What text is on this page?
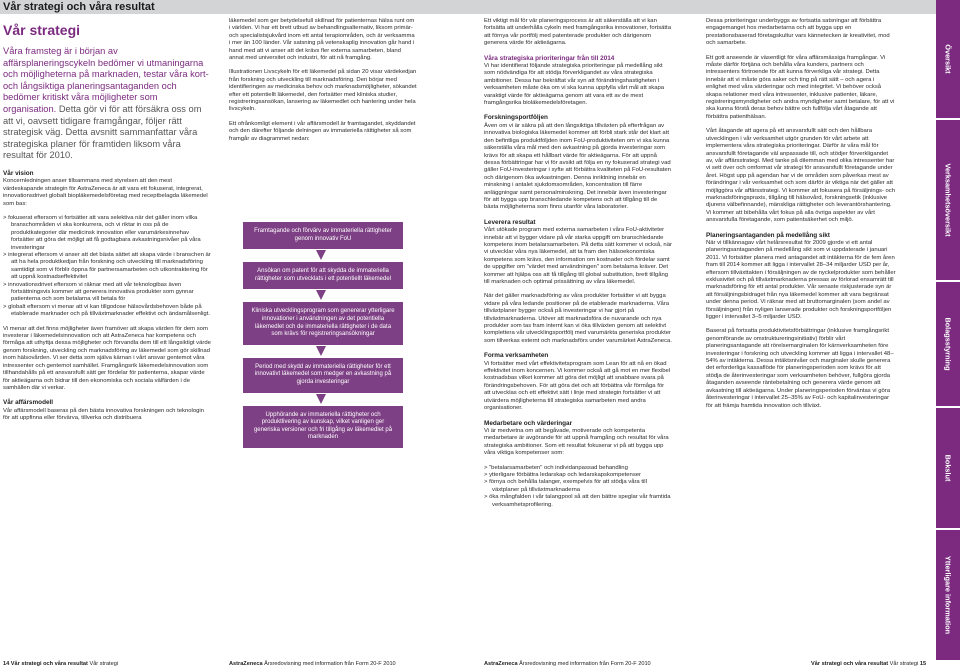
Vår strategi och våra resultat
Vår strategi
Våra framsteg är i början av affärsplaneringscykeln bedömer vi utmaningarna och möjligheterna på marknaden, testar våra kort- och långsiktiga planeringsantaganden och bedömer kritiskt våra möjligheter som organisation. Detta gör vi för att försäkra oss om att vi, oavsett tidigare framgångar, följer rätt strategisk väg. Detta avsnitt sammanfattar våra strategiska planer för framtiden liksom våra resultat för 2010.
Vår vision

Koncernledningen anser tillsammans med styrelsen att den mest värdeskapande strategin för AstraZeneca är att vara ett fokuserat, integrerat, innovationsdrivet globalt biopläkemedelsföretag med receptbelagda läkemedel som bas:

> fokuserat eftersom vi fortsätter att vara selektiva när det gäller inom vilka branschområden vi ska konkurrera, och vi riktar in oss på de produktkategorier där medicinsk innovation eller varumärkesinnehav fortsätter att göra det möjligt att få godtagbara avkastningsnivåer på våra investeringar
> integrerat eftersom vi anser att det bästa sättet att skapa värde i branschen är att ha hela produktkedjan från forskning och utveckling till marknadsföring samtidigt som vi förblir öppna för partnersamarbeten och utkontraktering för att uppnå kostnadseffektivitet
> innovationsdrivet eftersom vi räknar med att vår teknologibas även fortsättningsvis kommer att generera innovativa produkter som gynnar patienterna och som betalarna vill betala för
> globalt eftersom vi menar att vi kan tillgodose hälsovårdsbehoven både på etablerade marknader och på tillväxtmarknader effektivt och ändamålsenligt.

Vi menar att det finns möjligheter även framöver att skapa värden för dem som investerar i läkemedelsinnovation och att AstraZeneca har kompetens och förmåga att uthyttja dessa möjligheter och förvandla dem till ett långsiktigt värde genom forskning, utveckling och marknadsföring av läkemedel som gör skillnad inom hälsovården. Vi ser detta som själva kärnan i vårt ansvar gentemot våra intressenter och gentemot samhället. Framgångsrik läkemedelsinnovation som tillhandahålls på ett ansvarsfullt sätt ger fördelar för patienterna, skapar värde för aktieägarna och bidrar till den ekonomiska och sociala välfärden i de samhällen där vi verkar.

Vår affärsmodell

Vår affärsmodell baseras på den bästa innovativa forskningen och teknologin för att uppfinna eller förvärva, tillverka och distribuera

läkemedel som ger betydelsefull skillnad för patienternas hälsa runt om i världen. Vi har ett brett utbud av behandlingsalternativ, liksom primär- och specialistsjukvård inom ett antal terapiområden, och är verksamma i mer än 100 länder. Vår satsning på vetenskaplig innovation går hand i hand med att vi anser att det krävs fler externa samarbeten, bland annat med universitet och industri, för att nå framgång.

Illustrationen Livscykeln för ett läkemedel på sidan 20 visar värdekedjan från forskning och utveckling till marknadsföring. Den börjar med identifieringen av medicinska behov och marknadsmöjligheter, sökandet efter ett potentiellt läkemedel, den fortsätter med kliniska studier, registreringsansökan, lansering av läkemedlet och hantering under hela livscykeln.

Ett ofrånkomligt element i vår affärsmodell är framtagandet, skyddandet och den därefter följande delningen av immateriella rättigheter så som framgår av diagrammet nedan:

Framtagande och förvärv av immateriella rättigheter genom innovativ FoU
Ansökan om patent för att skydda de immateriella rättigheter som utvecklats i ett potentiellt läkemedel
Kliniska utvecklingsprogram som genererar ytterligare innovationer i användningen av det potentiella läkemedlet och de immateriella rättigheter i de data som krävs för registreringsansökningar
Period med skydd av immateriella rättigheter för ett innovativt läkemedel som medger en avkastning på gjorda investeringar
Upphörande av immateriella rättigheter och produktlivering av kunskap, vilket vanligen ger generiska versioner och fri tillgång av läkemedlet på marknaden

Ett viktigt mål för vår planeringsprocess är att säkerställa att vi kan fortsätta att underhålla cykeln med framgångsrika innovationer, fortsätta att förnya vår portfölj med patenterade produkter och därigenom generera värde för aktieägarna.

Våra strategiska prioriteringar från till 2014

Vi har identifierat följande strategiska prioriteringar på medellång sikt som nödvändiga för att stödja förverkligandet av våra strategiska ambitioner. Dessa har bekräftat vår syn att förändringshastigheten i verksamheten måste öka om vi ska kunna uppfylla vårt mål att skapa varaktigt värde för aktieägarna genom att vara ett av de mest framgångsrika bioläkemedelsföretagen.

Forskningsportföljen

Även om vi är säkra på att den långsiktiga tillväxten på efterfrågan av innovativa biologiska läkemedel kommer att förbli stark står det klart att den befintliga produktföljden inom FoU-produktiviteten om vi ska kunna säkerställa våra mål med den avkastning på gjorda investeringar som krävs för att skapa ett hållbart värde för aktieägarna. För att uppnå dessa förbättringar har vi för avsikt att följa en ny fokuserad strategi vad gäller FoU-investeringar i syfte att förbättra kvaliteten på FoU-resultaten och därigenom öka avkastningen. Denna inriktning innebär en minskning i antalet sjukdomsområden, koncentration till färre anläggningar samt personalminskning. Det innebär även investeringar för att bygga upp branschledande kompetens och att tillgång till de bästa möjligheterna som finns utanför våra laboratorier.

Leverera resultat

Vårt utökade program med externa samarbeten i våra FoU-aktiviteter innebär att vi bygger vidare på vår starka uppgift om branschledande kompetens inom betalarsamarbeten. På detta sätt kommer vi också, när vi utvecklar våra nya läkemedel, att ta fram den hälsoekonomiska kompetens som krävs, den information om kostnader och fördelar samt de uppgifter om "värdet med användningen" som betalarna kräver. Det kommer att hjälpa oss att få tillgång till global substitution, brett tillgång till marknaden och optimal prissättning av våra läkemedel.

När det gäller marknadsföring av våra produkter fortsätter vi att bygga vidare på våra ledande positioner på de etablerade marknaderna. Våra tillväxtplaner bygger också på investeringar vi har gjort på tillväxtmarknaderna. Utöver att marknadsföra de nuvarande och nya produkter som tas fram internt kan vi öka tillväxten genom att selektivt komplettera vår utvecklingsportfölj med varumärkta generiska produkter som tillverkas externt och marknadsförs under varumärket AstraZeneca.

Forma verksamheten

Vi fortsätter med vårt effektivitetsprogram som Lean för att nå en ökad effektivitet inom koncernen. Vi kommer också att gå mot en mer flexibel kostnadsbas vilket kommer att göra det möjligt att snabbare svara på förändringsbehoven. För att göra det och att förbättra vår förmåga för att utvecklas och ett effektivt sätt i linje med strategin fortsätter vi att utvärdera möjligheterna till strategiska samarbeten med andra organisationer.

Medarbetare och värderingar

Vi är medvetna om att begåvade, motiverade och kompetenta medarbetare är avgörande för att uppnå framgång och resultat för våra strategiska ambitioner. Som ett resultat fokuserar vi på att bygga upp våra viktiga kompetenser som:

> "betalarsamarbeten" och individanpassad behandling
> ytterligare förbättra ledarskap och ledarskapskompetenser
> förnya och behålla talanger, exempelvis för att stödja våra till växtplaner på tillväxtmarknaderna
> öka mångfalden i vår talangpool så att den bättre speglar vår framtida verksamhetsprofilering.

Dessa prioriteringar underbyggs av fortsatta satsningar att förbättra engagemanget hos medarbetarna och att bygga upp en prestationsbaserad företagskultur vars kännetecken är kreativitet, mod och samarbete.

Ett gott anseende är väsentligt för våra affärsmässiga framgångar. Vi måste därför förtjäna och behålla våra kunders, partners och intressenters förtroende för att kunna förverkliga vår strategi. Detta innebär att vi måste göra saker och ting på rätt sätt – och agera i enlighet med våra värderingar och med integritet. Vi behöver också skapa relationer med våra intressenter, inklusive patienter, läkare, registreringsmyndigheter och andra myndigheter samt betalare, för att vi ska kunna förstå deras behov bättre och fullfölja vårt åtagande att förbättra patienthälsan.

Vårt åtagande att agera på ett ansvarsfullt sätt och den hållbara utvecklingen i vår verksamhet utgör grunden för vårt arbete att implementera våra strategiska prioriteringar. Därför är våra mål för ansvarsfullt företagande väl anpassade till, och stödjer förverkligandet av, vår affärsstrategi. Med tanke på dilemman med olika intressenter har vi sett över och omformat vår strategi för ansvarsfullt företagande under året. Högst upp på agendan har vi de områden som påverkas mest av förändringar i vår verksamhet och som därför är viktiga när det gäller att möjliggöra vår affärsstrategi. Vi kommer att fokusera på försäljnings- och marknadsföringspraxis, tillgång till hälsovård, forskningsetik (inklusive djurens välbefinnande), mänskliga rättigheter och leverantörshantering. Vi kommer att bibehålla vårt fokus på alla övriga aspekter av vårt ansvarsfulla företagande, som patientsäkerhet och miljö.

Planeringsantaganden på medellång sikt

När vi tillkännagav vårt helårsresultat för 2009 gjorde vi ett antal planeringsantaganden på medellång sikt som vi uppdaterade i januari 2011. Vi fortsätter planera med antagandet att intäkterna för de fem åren fram till 2014 kommer att ligga i intervallet 28–34 miljarder USD per år, eftersom tillväxttakten i försäljningen av de nyckelprodukter som behåller exklusivitet och på tillväxtmarknaderna pressas av förlorad ensamrätt till marknadsföring för ett antal produkter. Vår senaste riskjusterade syn är att försäljningsbidraget från nya läkemedel kommer att vara begränsat under denna period. Vi räknar med att bruttomarginalen (som andel av försäljningen) från nyligen lanserade produkter och forskningsportföljen ligger i intervallet 3–5 miljarder USD.

Baserat på fortsatta produktivitetsförbättringar (inklusive framgångsrikt genomförande av omstruktureringsinitiativ) förblir vårt planeringsantagande att rörelsemarginalen för kärnverksamheten före investeringar i forskning och utveckling kommer att ligga i intervallet 48–54% av intäkterna. Dessa intäktsnivåer och marginaler skulle generera det erforderliga kassaflöde för planeringsperioden som krävs för att stödja de återinvesteringar som verksamheten behöver, fullgöra gjorda åtaganden avseende räntebetalning och generera värde genom att avkastning till aktieägarna. Under planeringsperioden förväntas vi göra återinvesteringar i intervallet 25–35% av FoU- och kapitalinvesteringar för att främja framtida innovation och tillväxt.

Översikt
Verksamhetsöversikt
Bolagsstyrning
Bokslut
Ytterligare information
14 Vår strategi och våra resultat Vår strategi	AstraZeneca Årsredovisning med information från Form 20-F 2010	AstraZeneca Årsredovisning med information från Form 20-F 2010	Vår strategi och våra resultat Vår strategi 15
